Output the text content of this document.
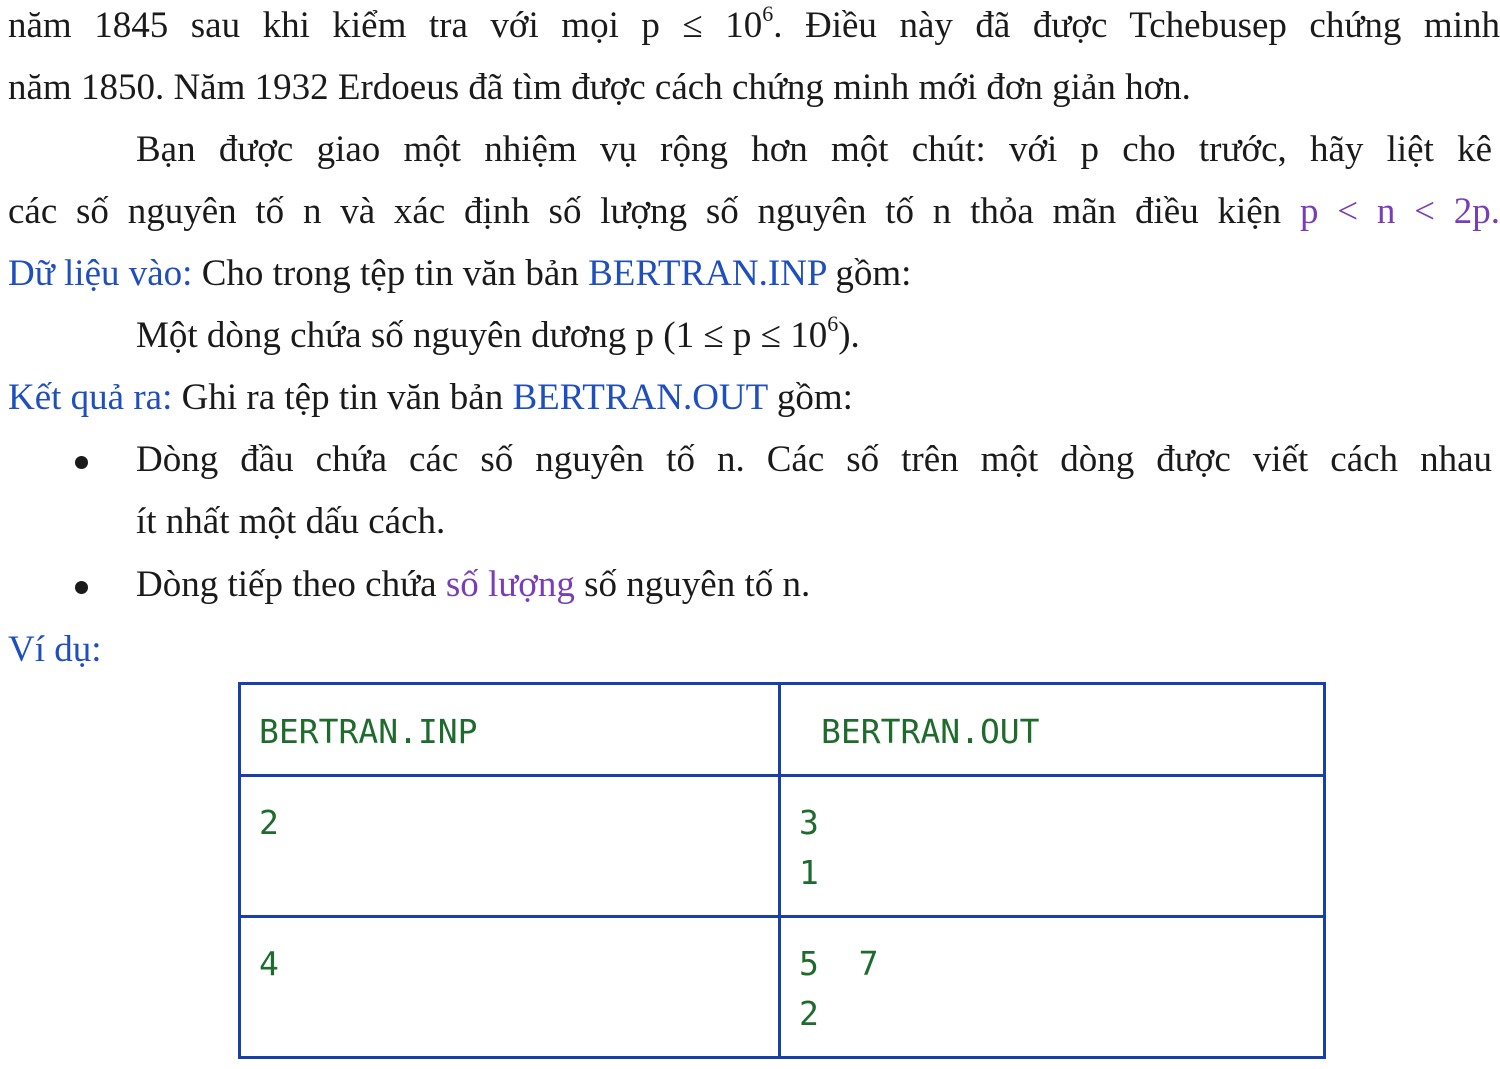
năm 1845 sau khi kiểm tra với mọi $p \le 10^6$. Điều này đã được Tchebusep chứng minh
năm 1850. Năm 1932 Erdoeus đã tìm được cách chứng minh mới đơn giản hơn.
Bạn được giao một nhiệm vụ rộng hơn một chút: với p cho trước, hãy liệt kê
các số nguyên tố n và xác định số lượng số nguyên tố n thỏa mãn điều kiện p < n < 2p.
Dữ liệu vào: Cho trong tệp tin văn bản BERTRAN.INP gồm:
Một dòng chứa số nguyên dương p $(1 \le p \le 10^6)$.
Kết quả ra: Ghi ra tệp tin văn bản BERTRAN.OUT gồm:
Dòng đầu chứa các số nguyên tố n. Các số trên một dòng được viết cách nhau
ít nhất một dấu cách.
Dòng tiếp theo chứa số lượng số nguyên tố n.
Ví dụ:
BERTRAN.INP	BERTRAN.OUT

2	3
1

4	5  7
2
